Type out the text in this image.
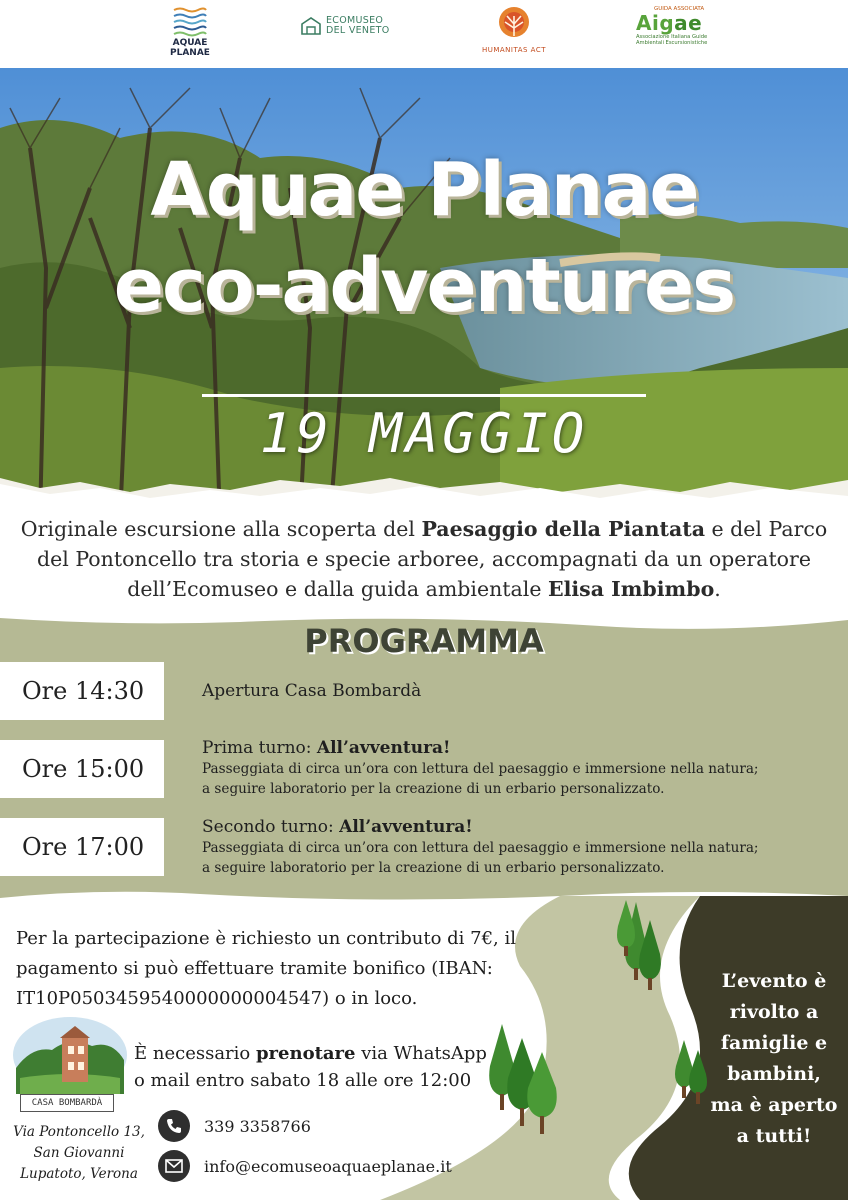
AQUAE PLANAE
ECOMUSEO
DEL VENETO
HUMANITAS ACT
GUIDA ASSOCIATA
Aigae
Associazione Italiana Guide Ambientali Escursionistiche
Aquae Planae
eco-adventures
19 MAGGIO
Originale escursione alla scoperta del Paesaggio della Piantata e del Parco del Pontoncello tra storia e specie arboree, accompagnati da un operatore dell’Ecomuseo e dalla guida ambientale Elisa Imbimbo.
PROGRAMMA
Ore 14:30	Apertura Casa Bombardà
Ore 15:00
Prima turno: All’avventura!
Passeggiata di circa un’ora con lettura del paesaggio e immersione nella natura;
a seguire laboratorio per la creazione di un erbario personalizzato.
Ore 17:00
Secondo turno: All’avventura!
Passeggiata di circa un’ora con lettura del paesaggio e immersione nella natura;
a seguire laboratorio per la creazione di un erbario personalizzato.
Per la partecipazione è richiesto un contributo di 7€, il
pagamento si può effettuare tramite bonifico (IBAN:
IT10P0503459540000000004547) o in loco.
CASA BOMBARDÀ
È necessario prenotare via WhatsApp
o mail entro sabato 18 alle ore 12:00
Via Pontoncello 13,
San Giovanni
Lupatoto, Verona
339 3358766
info@ecomuseoaquaeplanae.it
L’evento è
rivolto a
famiglie e
bambini,
ma è aperto
a tutti!
